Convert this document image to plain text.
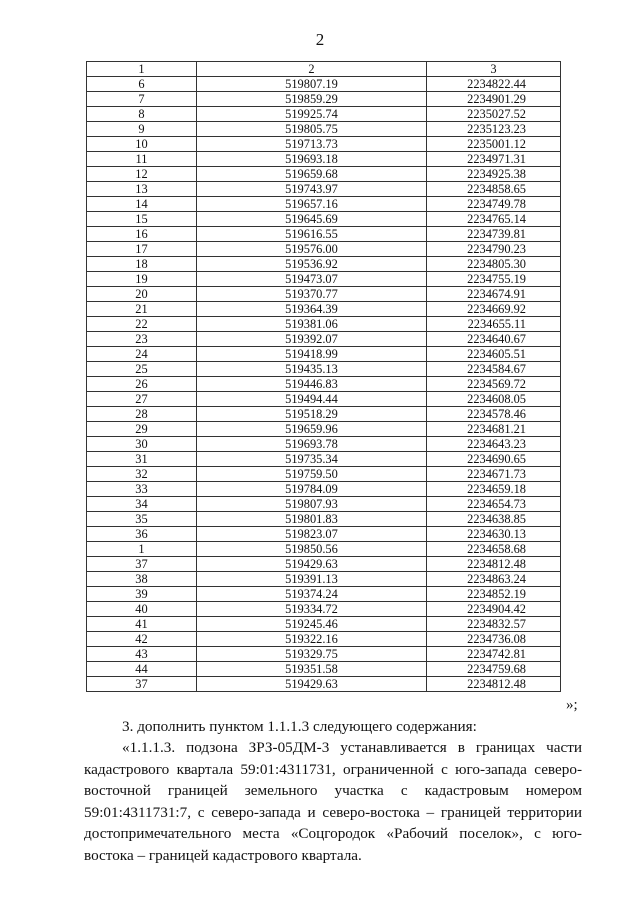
2
1	2	3
6	519807.19	2234822.44
7	519859.29	2234901.29
8	519925.74	2235027.52
9	519805.75	2235123.23
10	519713.73	2235001.12
11	519693.18	2234971.31
12	519659.68	2234925.38
13	519743.97	2234858.65
14	519657.16	2234749.78
15	519645.69	2234765.14
16	519616.55	2234739.81
17	519576.00	2234790.23
18	519536.92	2234805.30
19	519473.07	2234755.19
20	519370.77	2234674.91
21	519364.39	2234669.92
22	519381.06	2234655.11
23	519392.07	2234640.67
24	519418.99	2234605.51
25	519435.13	2234584.67
26	519446.83	2234569.72
27	519494.44	2234608.05
28	519518.29	2234578.46
29	519659.96	2234681.21
30	519693.78	2234643.23
31	519735.34	2234690.65
32	519759.50	2234671.73
33	519784.09	2234659.18
34	519807.93	2234654.73
35	519801.83	2234638.85
36	519823.07	2234630.13
1	519850.56	2234658.68
37	519429.63	2234812.48
38	519391.13	2234863.24
39	519374.24	2234852.19
40	519334.72	2234904.42
41	519245.46	2234832.57
42	519322.16	2234736.08
43	519329.75	2234742.81
44	519351.58	2234759.68
37	519429.63	2234812.48
»;

3. дополнить пунктом 1.1.1.3 следующего содержания:

«1.1.1.3. подзона ЗРЗ-05ДМ-3 устанавливается в границах части кадастрового квартала 59:01:4311731, ограниченной с юго-запада северо-восточной границей земельного участка с кадастровым номером 59:01:4311731:7, с северо-запада и северо-востока – границей территории достопримечательного места «Соцгородок «Рабочий поселок», с юго-востока – границей кадастрового квартала.
